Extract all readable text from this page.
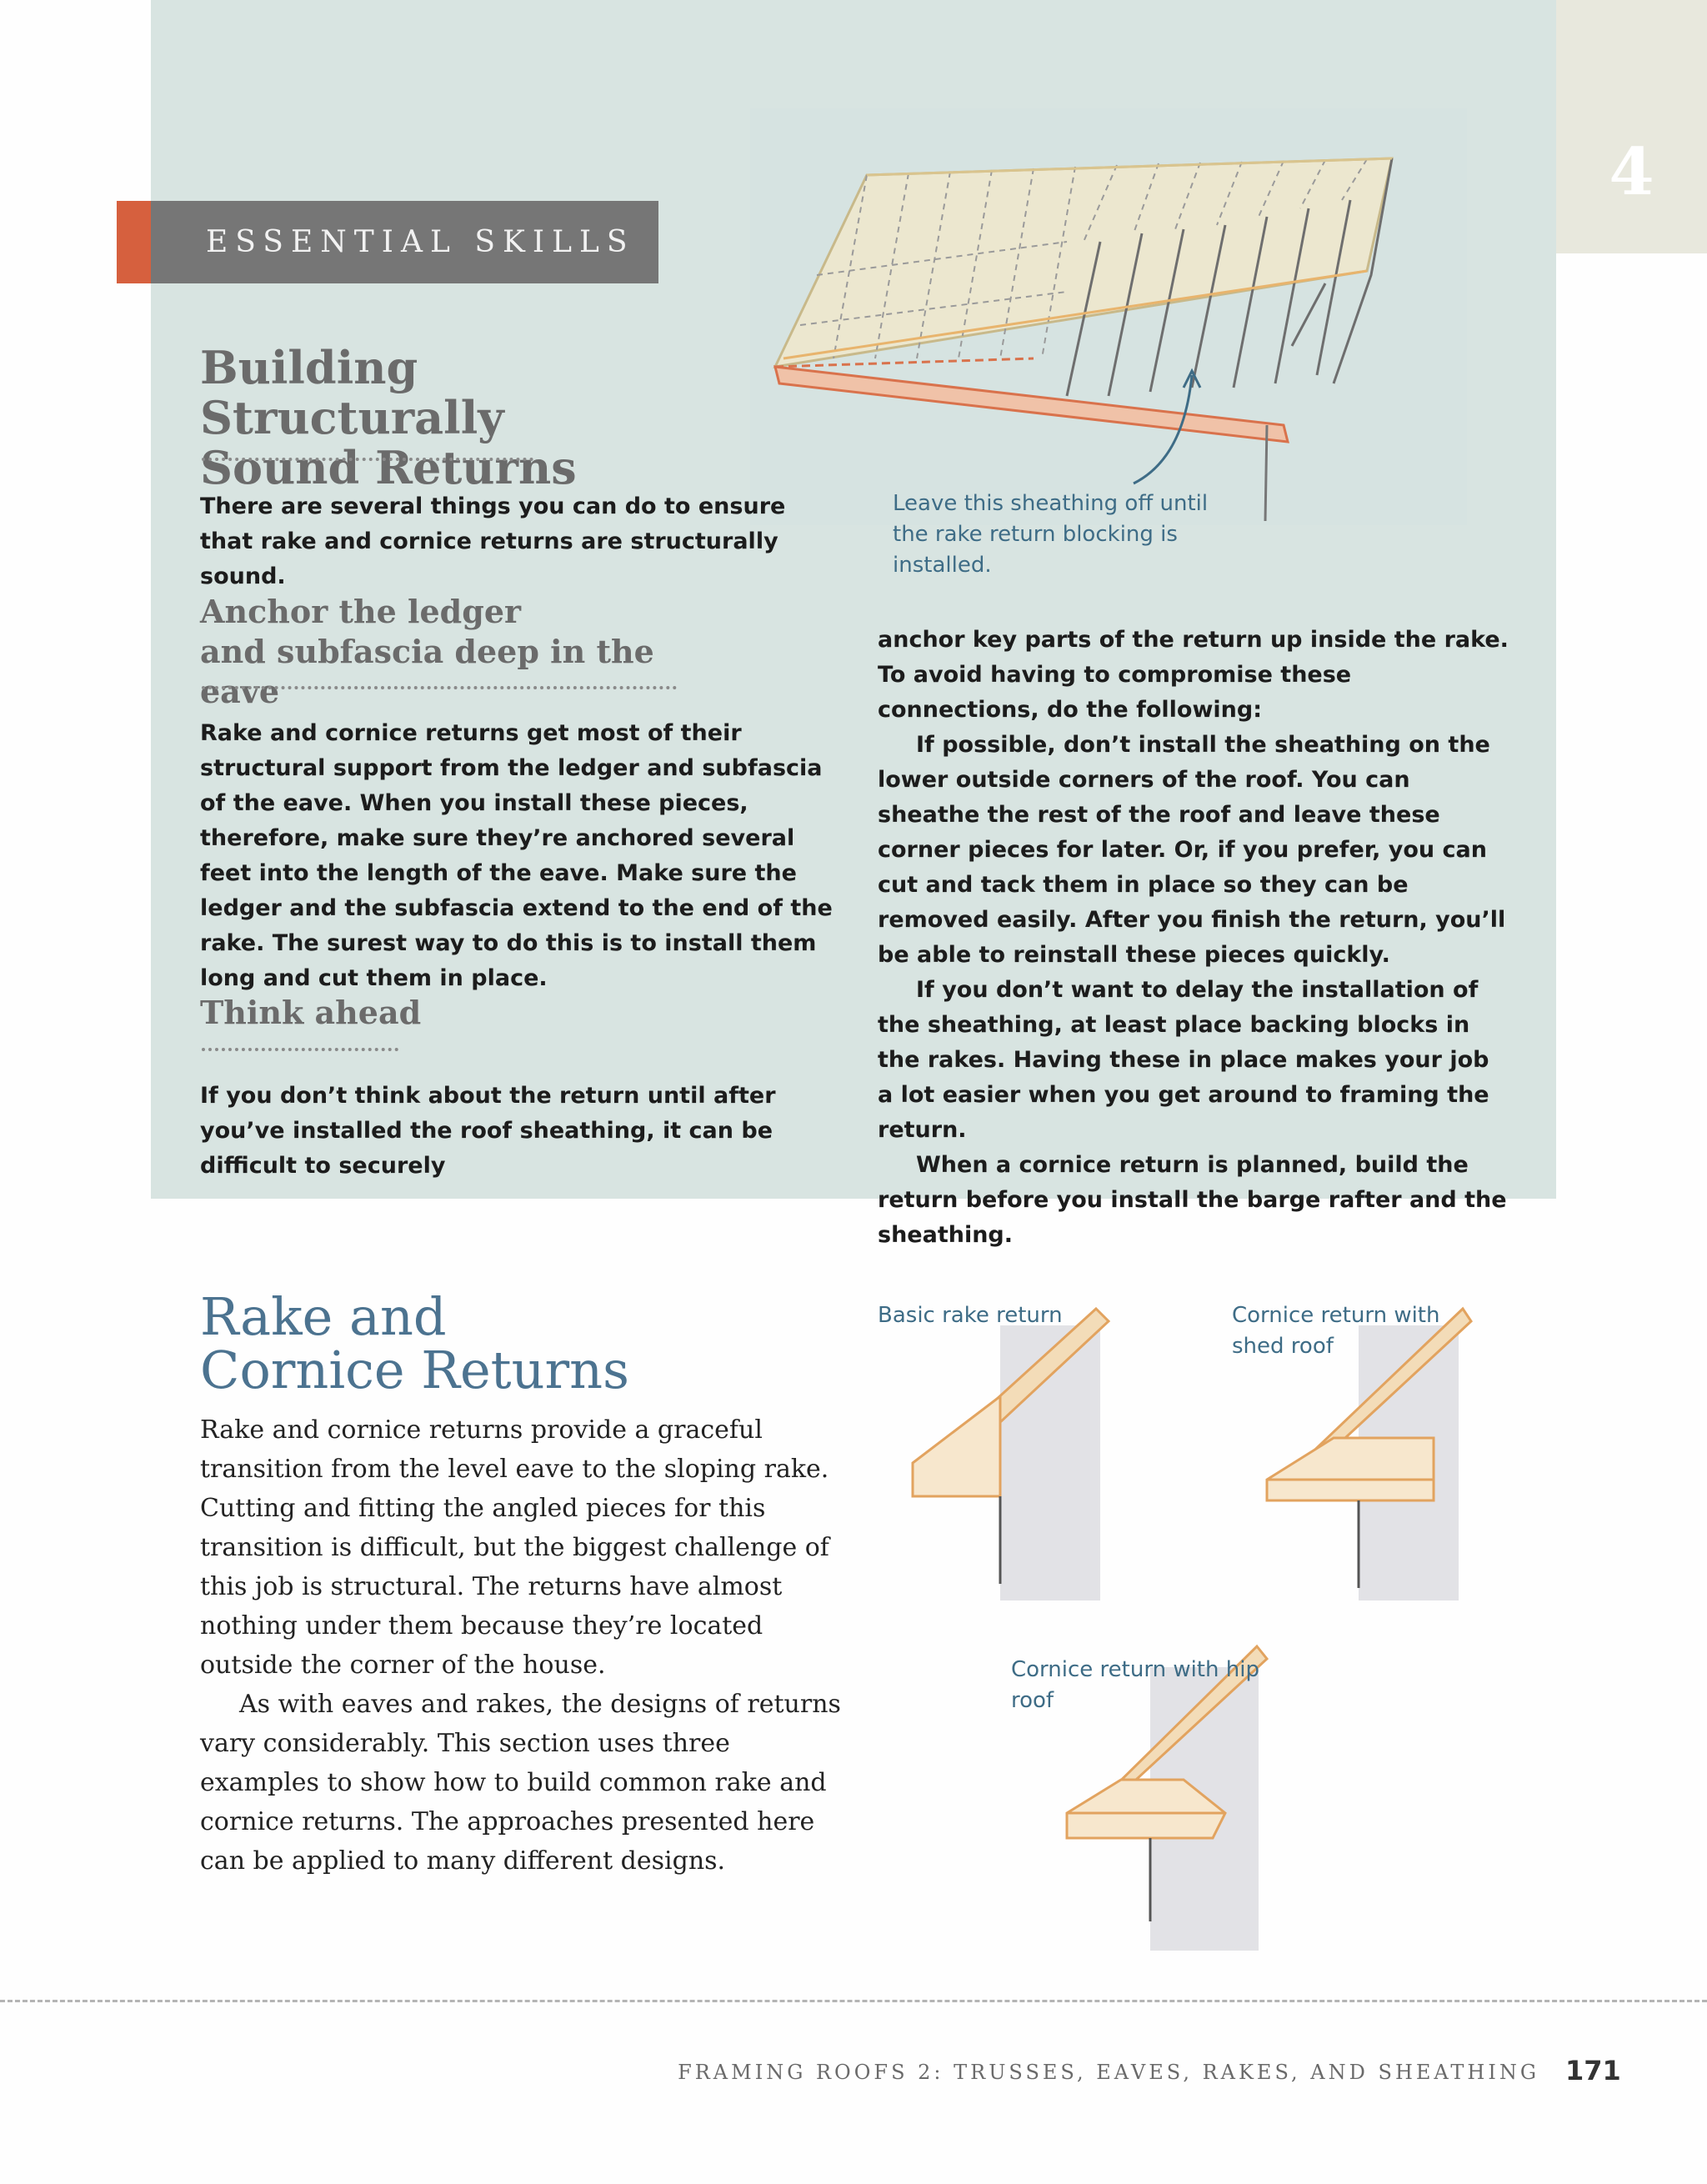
4
ESSENTIAL SKILLS
Leave this sheathing off until the rake return blocking is installed.
Building Structurally
Sound Returns
There are several things you can do to ensure that rake and cornice returns are structurally sound.
Anchor the ledger
and subfascia deep in the eave
Rake and cornice returns get most of their structural support from the ledger and subfascia of the eave. When you install these pieces, therefore, make sure they’re anchored several feet into the length of the eave. Make sure the ledger and the subfascia extend to the end of the rake. The surest way to do this is to install them long and cut them in place.
Think ahead
If you don’t think about the return until after you’ve installed the roof sheathing, it can be difficult to securely

anchor key parts of the return up inside the rake. To avoid having to compromise these connections, do the following:

If possible, don’t install the sheathing on the lower outside corners of the roof. You can sheathe the rest of the roof and leave these corner pieces for later. Or, if you prefer, you can cut and tack them in place so they can be removed easily. After you finish the return, you’ll be able to reinstall these pieces quickly.

If you don’t want to delay the installation of the sheathing, at least place backing blocks in the rakes. Having these in place makes your job a lot easier when you get around to framing the return.

When a cornice return is planned, build the return before you install the barge rafter and the sheathing.

Rake and
Cornice Returns

Rake and cornice returns provide a graceful transition from the level eave to the sloping rake. Cutting and fitting the angled pieces for this transition is difficult, but the biggest challenge of this job is structural. The returns have almost nothing under them because they’re located outside the corner of the house.

As with eaves and rakes, the designs of returns vary considerably. This section uses three examples to show how to build common rake and cornice returns. The approaches presented here can be applied to many different designs.

Basic rake return	Cornice return with shed roof
Cornice return with hip roof
FRAMING ROOFS 2: TRUSSES, EAVES, RAKES, AND SHEATHING 171
